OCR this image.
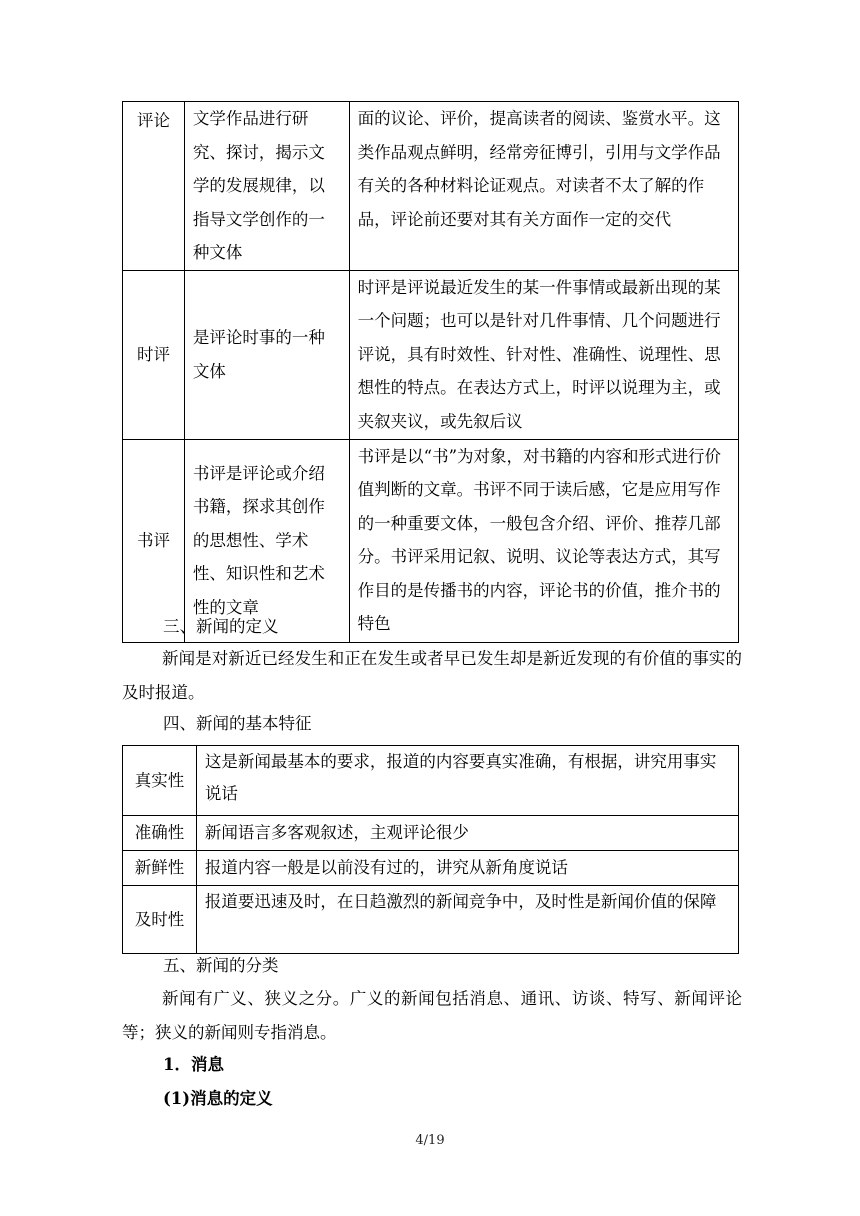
评论	文学作品进行研究、探讨，揭示文学的发展规律，以指导文学创作的一种文体	面的议论、评价，提高读者的阅读、鉴赏水平。这类作品观点鲜明，经常旁征博引，引用与文学作品有关的各种材料论证观点。对读者不太了解的作品，评论前还要对其有关方面作一定的交代
时评	是评论时事的一种文体	时评是评说最近发生的某一件事情或最新出现的某一个问题；也可以是针对几件事情、几个问题进行评说，具有时效性、针对性、准确性、说理性、思想性的特点。在表达方式上，时评以说理为主，或夹叙夹议，或先叙后议
书评	书评是评论或介绍书籍，探求其创作的思想性、学术性、知识性和艺术性的文章	书评是以“书”为对象，对书籍的内容和形式进行价值判断的文章。书评不同于读后感，它是应用写作的一种重要文体，一般包含介绍、评价、推荐几部分。书评采用记叙、说明、议论等表达方式，其写作目的是传播书的内容，评论书的价值，推介书的特色
三、新闻的定义
新闻是对新近已经发生和正在发生或者早已发生却是新近发现的有价值的事实的及时报道。
四、新闻的基本特征
真实性	这是新闻最基本的要求，报道的内容要真实准确，有根据，讲究用事实说话
准确性	新闻语言多客观叙述，主观评论很少
新鲜性	报道内容一般是以前没有过的，讲究从新角度说话
及时性	报道要迅速及时，在日趋激烈的新闻竞争中，及时性是新闻价值的保障
五、新闻的分类
新闻有广义、狭义之分。广义的新闻包括消息、通讯、访谈、特写、新闻评论等；狭义的新闻则专指消息。
1．消息
(1)消息的定义
4/19
